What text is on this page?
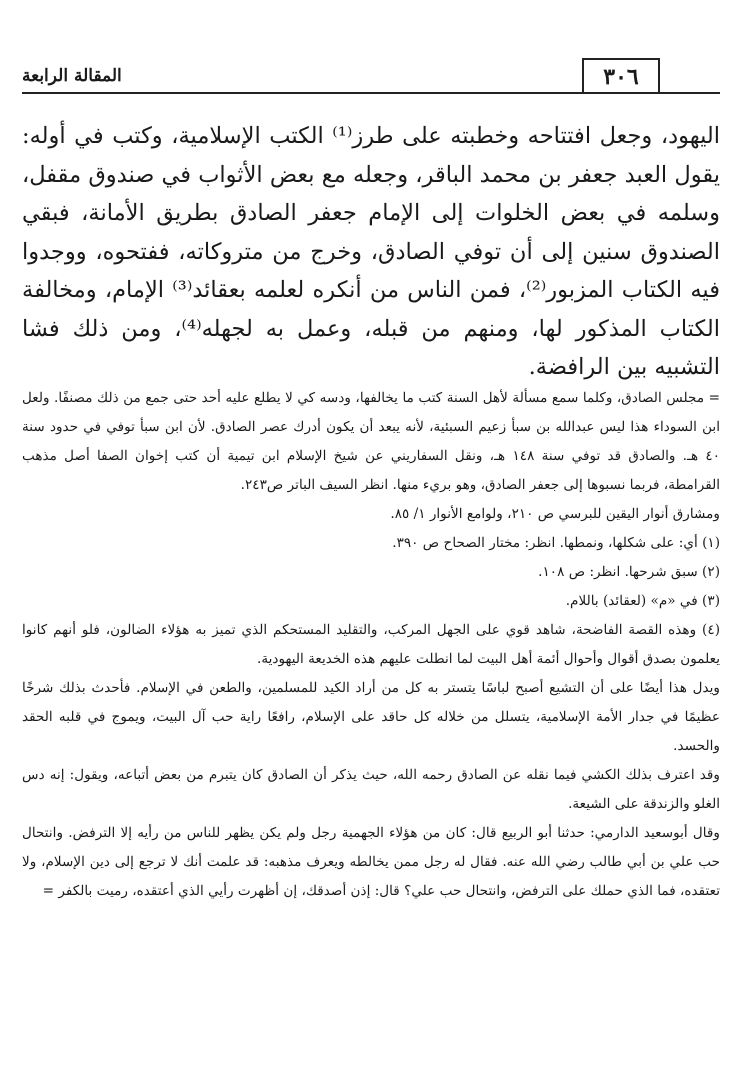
٣٠٦
المقالة الرابعة

اليهود، وجعل افتتاحه وخطبته على طرز⁽¹⁾ الكتب الإسلامية، وكتب في أوله: يقول العبد جعفر بن محمد الباقر، وجعله مع بعض الأثواب في صندوق مقفل، وسلمه في بعض الخلوات إلى الإمام جعفر الصادق بطريق الأمانة، فبقي الصندوق سنين إلى أن توفي الصادق، وخرج من متروكاته، ففتحوه، ووجدوا فيه الكتاب المزبور⁽²⁾، فمن الناس من أنكره لعلمه بعقائد⁽³⁾ الإمام، ومخالفة الكتاب المذكور لها، ومنهم من قبله، وعمل به لجهله⁽⁴⁾، ومن ذلك فشا التشبيه بين الرافضة.

= مجلس الصادق، وكلما سمع مسألة لأهل السنة كتب ما يخالفها، ودسه كي لا يطلع عليه أحد حتى جمع من ذلك مصنفًا. ولعل ابن السوداء هذا ليس عبدالله بن سبأ زعيم السبئية، لأنه يبعد أن يكون أدرك عصر الصادق. لأن ابن سبأ توفي في حدود سنة ٤٠ هـ. والصادق قد توفي سنة ١٤٨ هـ، ونقل السفاريني عن شيخ الإسلام ابن تيمية أن كتب إخوان الصفا أصل مذهب القرامطة، فربما نسبوها إلى جعفر الصادق، وهو بريء منها. انظر السيف الباتر ص٢٤٣.

ومشارق أنوار اليقين للبرسي ص ٢١٠، ولوامع الأنوار ١/ ٨٥.

(١) أي: على شكلها، ونمطها. انظر: مختار الصحاح ص ٣٩٠.

(٢) سبق شرحها. انظر: ص ١٠٨.

(٣) في «م» (لعقائد) باللام.

(٤) وهذه القصة الفاضحة، شاهد قوي على الجهل المركب، والتقليد المستحكم الذي تميز به هؤلاء الضالون، فلو أنهم كانوا يعلمون بصدق أقوال وأحوال أئمة أهل البيت لما انطلت عليهم هذه الخديعة اليهودية.

ويدل هذا أيضًا على أن التشيع أصبح لباسًا يتستر به كل من أراد الكيد للمسلمين، والطعن في الإسلام. فأحدث بذلك شرخًا عظيمًا في جدار الأمة الإسلامية، يتسلل من خلاله كل حاقد على الإسلام، رافعًا راية حب آل البيت، ويموج في قلبه الحقد والحسد.

وقد اعترف بذلك الكشي فيما نقله عن الصادق رحمه الله، حيث يذكر أن الصادق كان يتبرم من بعض أتباعه، ويقول: إنه دس الغلو والزندقة على الشيعة.

وقال أبوسعيد الدارمي: حدثنا أبو الربيع قال: كان من هؤلاء الجهمية رجل ولم يكن يظهر للناس من رأيه إلا الترفض. وانتحال حب علي بن أبي طالب رضي الله عنه. فقال له رجل ممن يخالطه ويعرف مذهبه: قد علمت أنك لا ترجع إلى دين الإسلام، ولا تعتقده، فما الذي حملك على الترفض، وانتحال حب علي؟ قال: إذن أصدقك، إن أظهرت رأيي الذي أعتقده، رميت بالكفر =
